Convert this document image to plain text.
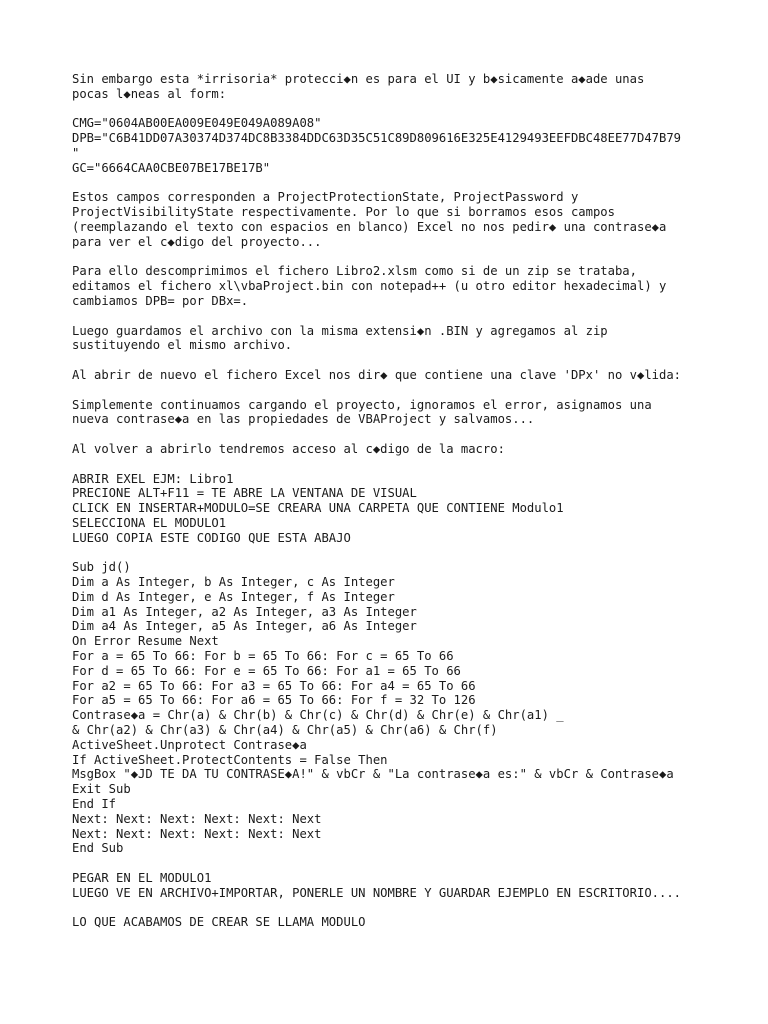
Sin embargo esta *irrisoria* protecci◆n es para el UI y b◆sicamente a◆ade unas
pocas l◆neas al form:
CMG="0604AB00EA009E049E049A089A08"
DPB="C6B41DD07A30374D374DC8B3384DDC63D35C51C89D809616E325E4129493EEFDBC48EE77D47B79
"
GC="6664CAA0CBE07BE17BE17B"
Estos campos corresponden a ProjectProtectionState, ProjectPassword y
ProjectVisibilityState respectivamente. Por lo que si borramos esos campos
(reemplazando el texto con espacios en blanco) Excel no nos pedir◆ una contrase◆a
para ver el c◆digo del proyecto...
Para ello descomprimimos el fichero Libro2.xlsm como si de un zip se trataba,
editamos el fichero xl\vbaProject.bin con notepad++ (u otro editor hexadecimal) y
cambiamos DPB= por DBx=.
Luego guardamos el archivo con la misma extensi◆n .BIN y agregamos al zip
sustituyendo el mismo archivo.
Al abrir de nuevo el fichero Excel nos dir◆ que contiene una clave 'DPx' no v◆lida:
Simplemente continuamos cargando el proyecto, ignoramos el error, asignamos una
nueva contrase◆a en las propiedades de VBAProject y salvamos...
Al volver a abrirlo tendremos acceso al c◆digo de la macro:
ABRIR EXEL EJM: Libro1
PRECIONE ALT+F11 = TE ABRE LA VENTANA DE VISUAL
CLICK EN INSERTAR+MODULO=SE CREARA UNA CARPETA QUE CONTIENE Modulo1
SELECCIONA EL MODULO1
LUEGO COPIA ESTE CODIGO QUE ESTA ABAJO
Sub jd()
Dim a As Integer, b As Integer, c As Integer
Dim d As Integer, e As Integer, f As Integer
Dim a1 As Integer, a2 As Integer, a3 As Integer
Dim a4 As Integer, a5 As Integer, a6 As Integer
On Error Resume Next
For a = 65 To 66: For b = 65 To 66: For c = 65 To 66
For d = 65 To 66: For e = 65 To 66: For a1 = 65 To 66
For a2 = 65 To 66: For a3 = 65 To 66: For a4 = 65 To 66
For a5 = 65 To 66: For a6 = 65 To 66: For f = 32 To 126
Contrase◆a = Chr(a) & Chr(b) & Chr(c) & Chr(d) & Chr(e) & Chr(a1) _
& Chr(a2) & Chr(a3) & Chr(a4) & Chr(a5) & Chr(a6) & Chr(f)
ActiveSheet.Unprotect Contrase◆a
If ActiveSheet.ProtectContents = False Then
MsgBox "◆JD TE DA TU CONTRASE◆A!" & vbCr & "La contrase◆a es:" & vbCr & Contrase◆a
Exit Sub
End If
Next: Next: Next: Next: Next: Next
Next: Next: Next: Next: Next: Next
End Sub
PEGAR EN EL MODULO1
LUEGO VE EN ARCHIVO+IMPORTAR, PONERLE UN NOMBRE Y GUARDAR EJEMPLO EN ESCRITORIO....
LO QUE ACABAMOS DE CREAR SE LLAMA MODULO
